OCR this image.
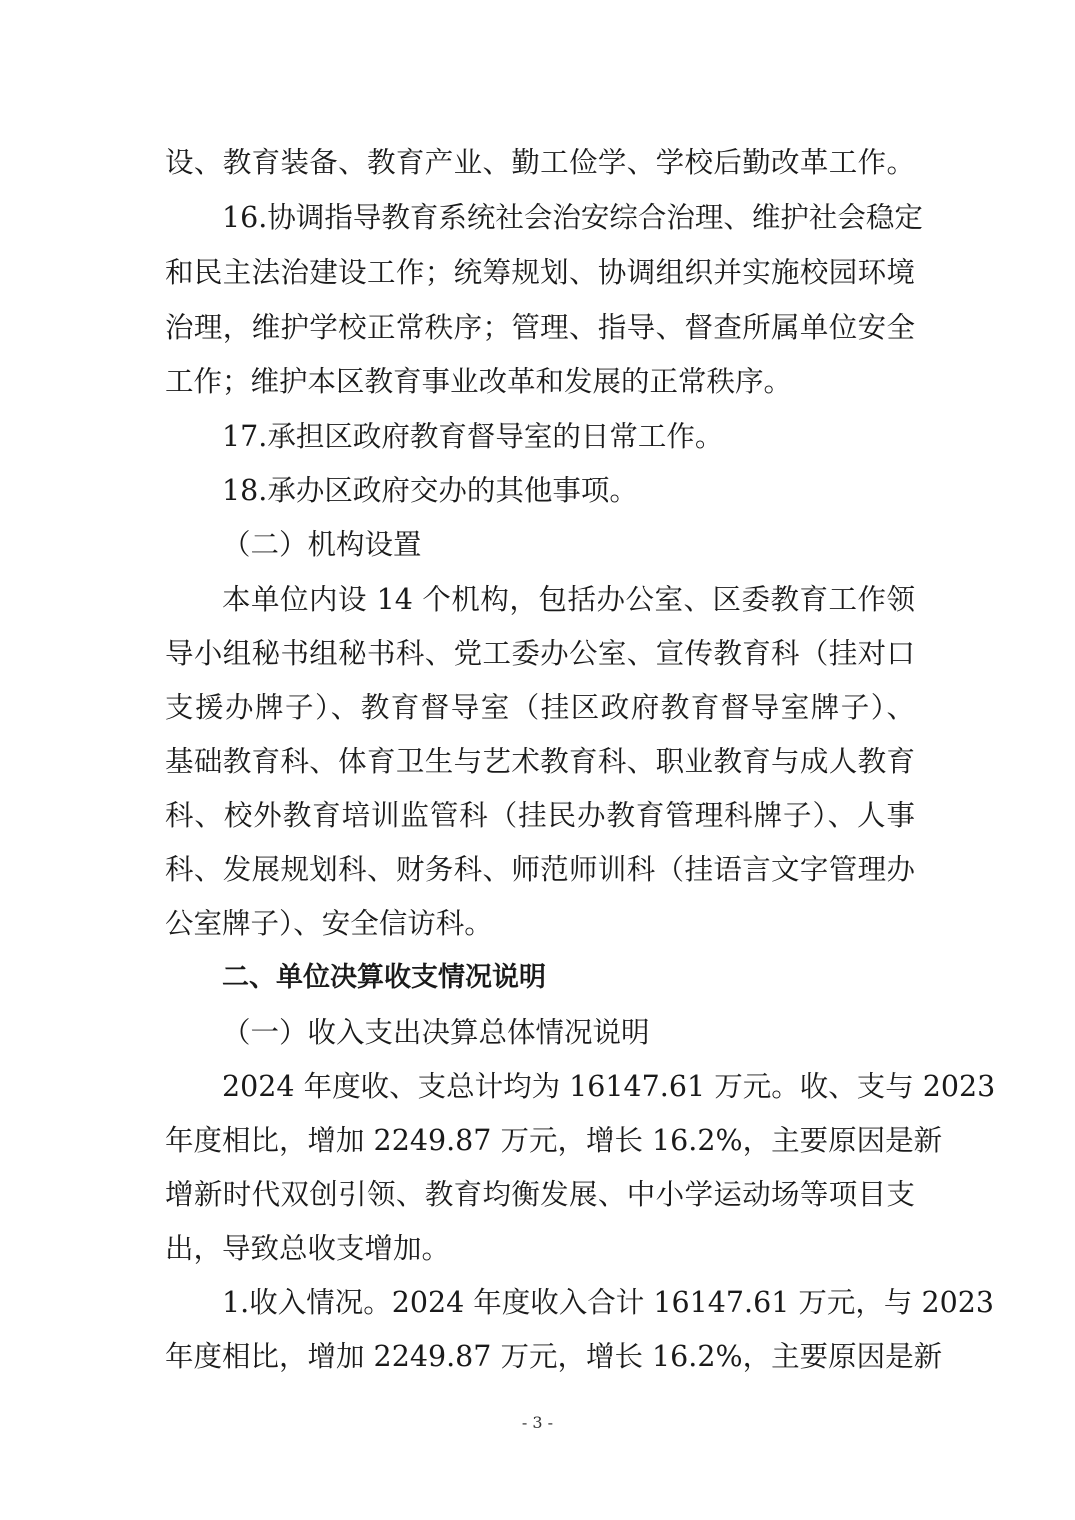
设、教育装备、教育产业、勤工俭学、学校后勤改革工作。
16.协调指导教育系统社会治安综合治理、维护社会稳定
和民主法治建设工作；统筹规划、协调组织并实施校园环境
治理，维护学校正常秩序；管理、指导、督查所属单位安全
工作；维护本区教育事业改革和发展的正常秩序。
17.承担区政府教育督导室的日常工作。
18.承办区政府交办的其他事项。
（二）机构设置
本单位内设 14 个机构，包括办公室、区委教育工作领
导小组秘书组秘书科、党工委办公室、宣传教育科（挂对口
支援办牌子）、教育督导室（挂区政府教育督导室牌子）、
基础教育科、体育卫生与艺术教育科、职业教育与成人教育
科、校外教育培训监管科（挂民办教育管理科牌子）、人事
科、发展规划科、财务科、师范师训科（挂语言文字管理办
公室牌子）、安全信访科。
二、单位决算收支情况说明
（一）收入支出决算总体情况说明
2024 年度收、支总计均为 16147.61 万元。收、支与 2023
年度相比，增加 2249.87 万元，增长 16.2%，主要原因是新
增新时代双创引领、教育均衡发展、中小学运动场等项目支
出，导致总收支增加。
1.收入情况。2024 年度收入合计 16147.61 万元，与 2023
年度相比，增加 2249.87 万元，增长 16.2%，主要原因是新
- 3 -
